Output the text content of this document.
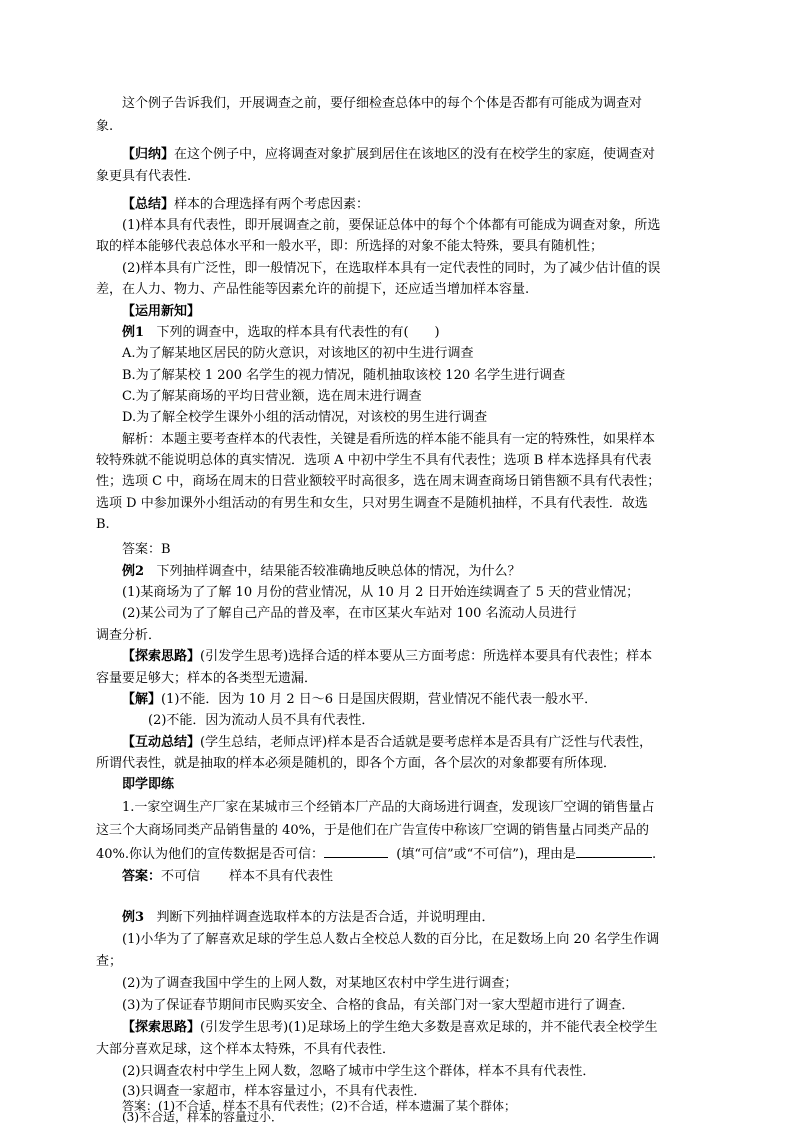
这个例子告诉我们，开展调查之前，要仔细检查总体中的每个个体是否都有可能成为调查对
象.
【归纳】在这个例子中，应将调查对象扩展到居住在该地区的没有在校学生的家庭，使调查对
象更具有代表性.
【总结】样本的合理选择有两个考虑因素：
(1)样本具有代表性，即开展调查之前，要保证总体中的每个个体都有可能成为调查对象，所选
取的样本能够代表总体水平和一般水平，即：所选择的对象不能太特殊，要具有随机性；
(2)样本具有广泛性，即一般情况下，在选取样本具有一定代表性的同时，为了减少估计值的误
差，在人力、物力、产品性能等因素允许的前提下，还应适当增加样本容量.
【运用新知】
例1 下列的调查中，选取的样本具有代表性的有(　　)
A.为了解某地区居民的防火意识，对该地区的初中生进行调查
B.为了解某校 1 200 名学生的视力情况，随机抽取该校 120 名学生进行调查
C.为了解某商场的平均日营业额，选在周末进行调查
D.为了解全校学生课外小组的活动情况，对该校的男生进行调查
解析：本题主要考查样本的代表性，关键是看所选的样本能不能具有一定的特殊性，如果样本
较特殊就不能说明总体的真实情况．选项 A 中初中学生不具有代表性；选项 B 样本选择具有代表
性；选项 C 中，商场在周末的日营业额较平时高很多，选在周末调查商场日销售额不具有代表性；
选项 D 中参加课外小组活动的有男生和女生，只对男生调查不是随机抽样，不具有代表性．故选
B.
答案：B
例2 下列抽样调查中，结果能否较准确地反映总体的情况，为什么？
(1)某商场为了了解 10 月份的营业情况，从 10 月 2 日开始连续调查了 5 天的营业情况；
(2)某公司为了了解自己产品的普及率，在市区某火车站对 100 名流动人员进行
调查分析．
【探索思路】(引发学生思考)选择合适的样本要从三方面考虑：所选样本要具有代表性；样本
容量要足够大；样本的各类型无遗漏．
【解】(1)不能．因为 10 月 2 日～6 日是国庆假期，营业情况不能代表一般水平．
(2)不能．因为流动人员不具有代表性．
【互动总结】(学生总结，老师点评)样本是否合适就是要考虑样本是否具有广泛性与代表性，
所谓代表性，就是抽取的样本必须是随机的，即各个方面，各个层次的对象都要有所体现．
即学即练
1.一家空调生产厂家在某城市三个经销本厂产品的大商场进行调查，发现该厂空调的销售量占
这三个大商场同类产品销售量的 40%，于是他们在广告宣传中称该厂空调的销售量占同类产品的
40%.你认为他们的宣传数据是否可信：	(填“可信”或“不可信”)，理由是	.
答案：不可信 样本不具有代表性
例3 判断下列抽样调查选取样本的方法是否合适，并说明理由．
(1)小华为了了解喜欢足球的学生总人数占全校总人数的百分比，在足数场上向 20 名学生作调
查；
(2)为了调查我国中学生的上网人数，对某地区农村中学生进行调查；
(3)为了保证春节期间市民购买安全、合格的食品，有关部门对一家大型超市进行了调查．
【探索思路】(引发学生思考)(1)足球场上的学生绝大多数是喜欢足球的，并不能代表全校学生
大部分喜欢足球，这个样本太特殊，不具有代表性．
(2)只调查农村中学生上网人数，忽略了城市中学生这个群体，样本不具有代表性．
(3)只调查一家超市，样本容量过小，不具有代表性．
答案：(1)不合适，样本不具有代表性；(2)不合适，样本遗漏了某个群体；
(3)不合适，样本的容量过小．
